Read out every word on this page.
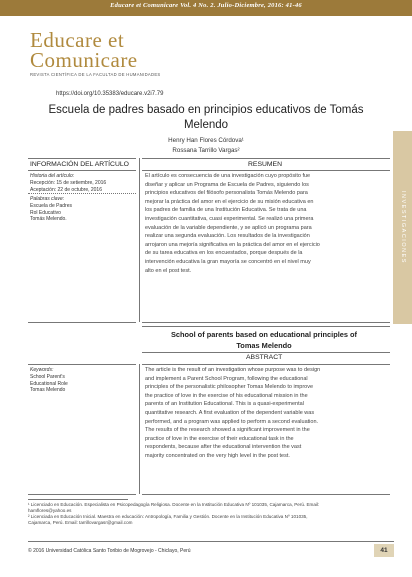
Educare et Comunicare Vol. 4 No. 2. Julio-Diciembre, 2016: 41-46
Educare et
Comunicare
REVISTA CIENTÍFICA DE LA FACULTAD DE HUMANIDADES
https://doi.org/10.35383/educare.v2i7.79
Escuela de padres basado en principios educativos de Tomás
Melendo
Henry Han Flores Córdova¹
Rossana Tarrillo Vargas²
INVESTIGACIONES
INFORMACIÓN DEL ARTÍCULO	RESUMEN
Historia del artículo:
Recepción: 15 de setiembre, 2016
Aceptación: 22 de octubre, 2016
Palabras clave:
Escuela de Padres
Rol Educativo
Tomás Melendo.
El artículo es consecuencia de una investigación cuyo propósito fue
diseñar y aplicar un Programa de Escuela de Padres, siguiendo los
principios educativos del filósofo personalista Tomás Melendo para
mejorar la práctica del amor en el ejercicio de su misión educativa en
los padres de familia de una Institución Educativa. Se trata de una
investigación cuantitativa, cuasi experimental. Se realizó una primera
evaluación de la variable dependiente, y se aplicó un programa para
realizar una segunda evaluación. Los resultados de la investigación
arrojaron una mejoría significativa en la práctica del amor en el ejercicio
de su tarea educativa en los encuestados, porque después de la
intervención educativa la gran mayoría se concentró en el nivel muy
alto en el post test.
School of parents based on educational principles of
Tomas Melendo
ABSTRACT
Keywords:
School Parent's
Educational Role
Tomas Melendo
The article is the result of an investigation whose purpose was to design
and implement a Parent School Program, following the educational
principles of the personalistic philosopher Tomas Melendo to improve
the practice of love in the exercise of his educational mission in the
parents of an Institution Educational. This is a quasi-experimental
quantitative research. A first evaluation of the dependent variable was
performed, and a program was applied to perform a second evaluation.
The results of the research showed a significant improvement in the
practice of love in the exercise of their educational task in the
respondents, because after the educational intervention the vast
majority concentrated on the very high level in the post test.
¹ Licenciado en Educación. Especialista en Psicopedagogía Religiosa. Docente en la Institución Educativa Nº 101035, Cajamarca, Perú. Email:
hamflores@yahoo.es
² Licenciada en Educación Inicial. Maestra en educación: Antropología, Familia y Gestión. Docente en la Institución Educativa Nº 101035,
Cajamarca, Perú. Email: tarrillovargasr@gmail.com
© 2016 Universidad Católica Santo Toribio de Mogrovejo - Chiclayo, Perú	41
